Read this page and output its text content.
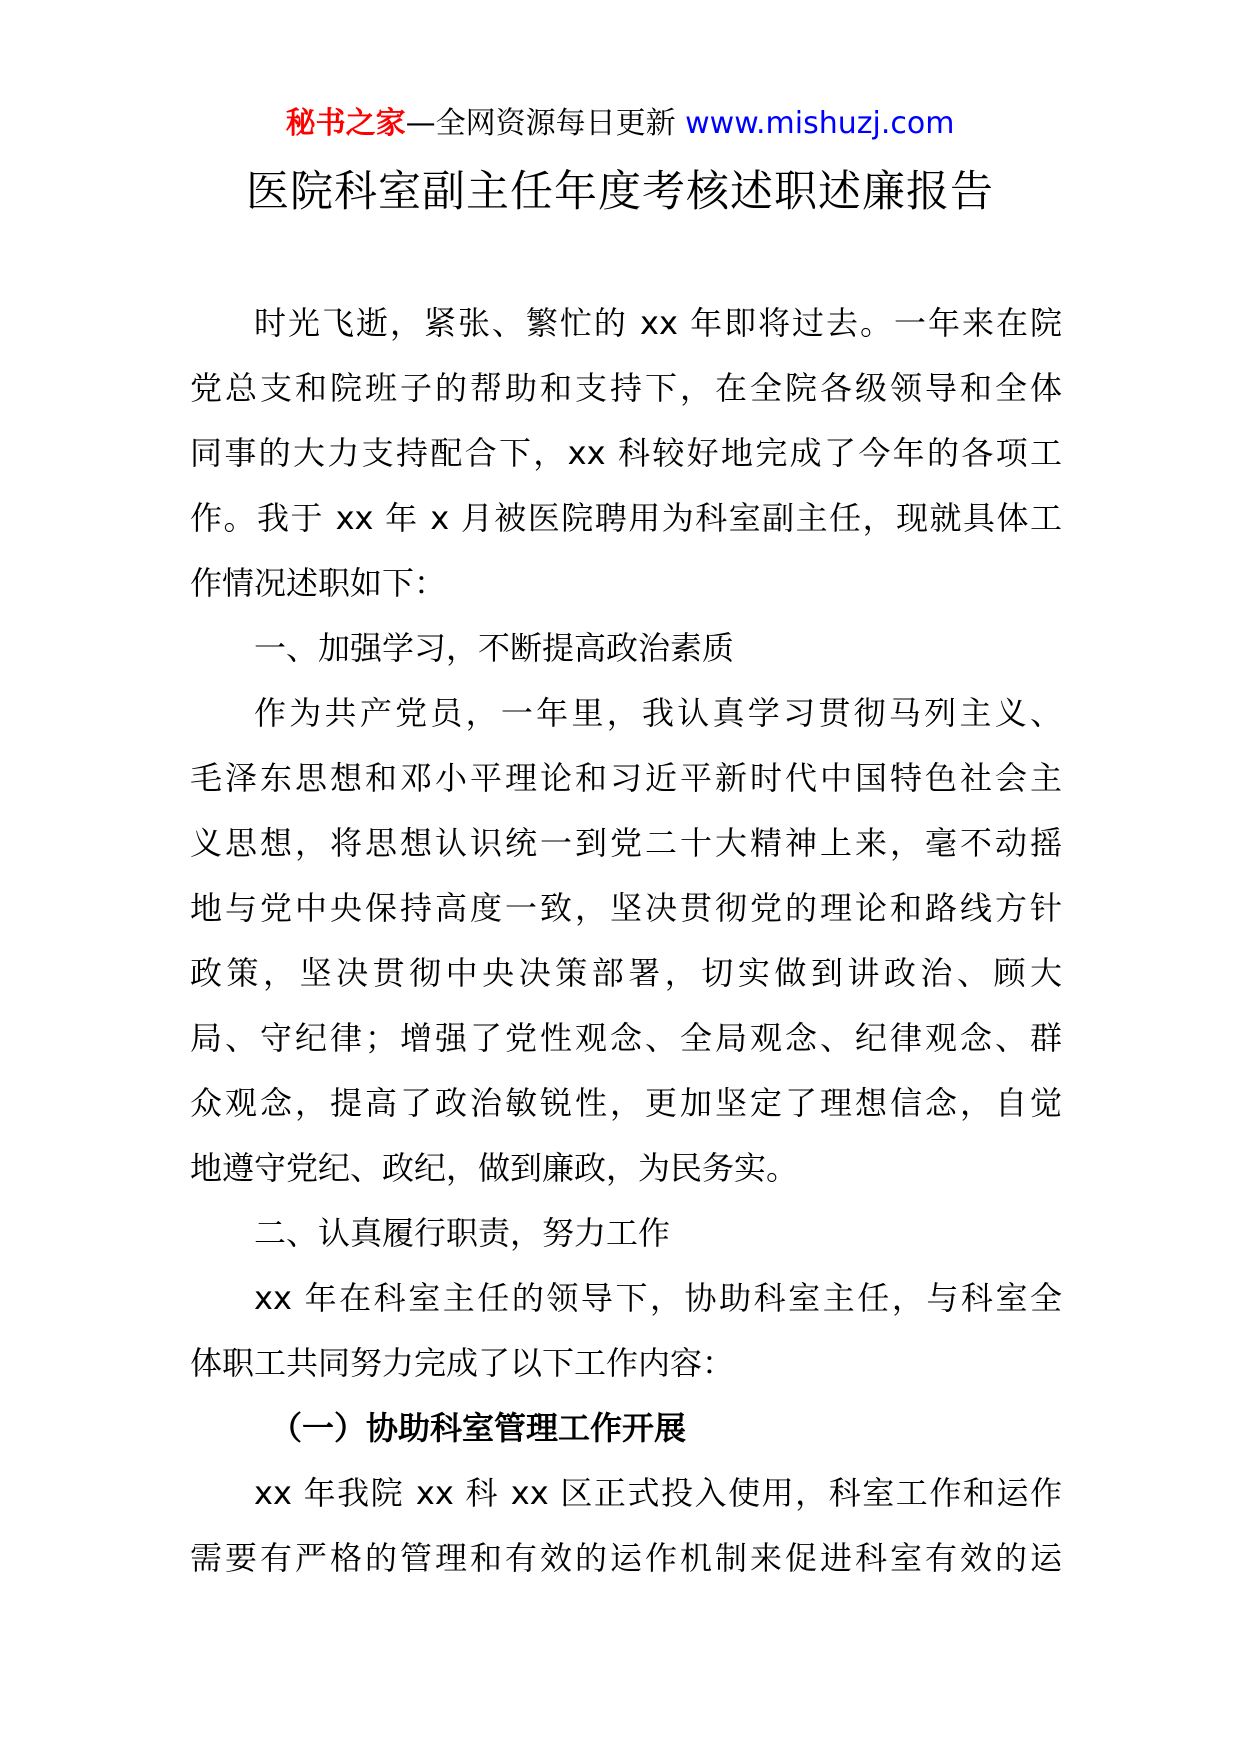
秘书之家—全网资源每日更新 www.mishuzj.com
医院科室副主任年度考核述职述廉报告
时光飞逝，紧张、繁忙的 xx 年即将过去。一年来在院
党总支和院班子的帮助和支持下，在全院各级领导和全体
同事的大力支持配合下，xx 科较好地完成了今年的各项工
作。我于 xx 年 x 月被医院聘用为科室副主任，现就具体工
作情况述职如下：
一、加强学习，不断提高政治素质
作为共产党员，一年里，我认真学习贯彻马列主义、
毛泽东思想和邓小平理论和习近平新时代中国特色社会主
义思想，将思想认识统一到党二十大精神上来，毫不动摇
地与党中央保持高度一致，坚决贯彻党的理论和路线方针
政策，坚决贯彻中央决策部署，切实做到讲政治、顾大
局、守纪律；增强了党性观念、全局观念、纪律观念、群
众观念，提高了政治敏锐性，更加坚定了理想信念，自觉
地遵守党纪、政纪，做到廉政，为民务实。
二、认真履行职责，努力工作
xx 年在科室主任的领导下，协助科室主任，与科室全
体职工共同努力完成了以下工作内容：
（一）协助科室管理工作开展
xx 年我院 xx 科 xx 区正式投入使用，科室工作和运作
需要有严格的管理和有效的运作机制来促进科室有效的运
